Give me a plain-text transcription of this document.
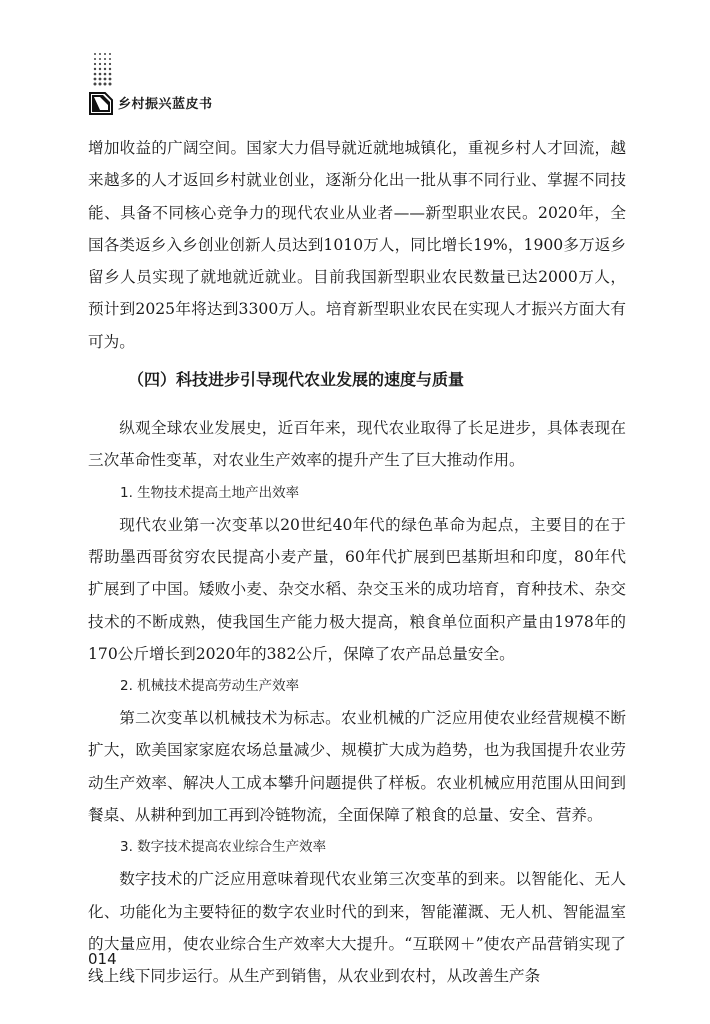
乡村振兴蓝皮书

增加收益的广阔空间。国家大力倡导就近就地城镇化，重视乡村人才回流，越来越多的人才返回乡村就业创业，逐渐分化出一批从事不同行业、掌握不同技能、具备不同核心竞争力的现代农业从业者——新型职业农民。2020年，全国各类返乡入乡创业创新人员达到1010万人，同比增长19%，1900多万返乡留乡人员实现了就地就近就业。目前我国新型职业农民数量已达2000万人，预计到2025年将达到3300万人。培育新型职业农民在实现人才振兴方面大有可为。

（四）科技进步引导现代农业发展的速度与质量

纵观全球农业发展史，近百年来，现代农业取得了长足进步，具体表现在三次革命性变革，对农业生产效率的提升产生了巨大推动作用。

1. 生物技术提高土地产出效率

现代农业第一次变革以20世纪40年代的绿色革命为起点，主要目的在于帮助墨西哥贫穷农民提高小麦产量，60年代扩展到巴基斯坦和印度，80年代扩展到了中国。矮败小麦、杂交水稻、杂交玉米的成功培育，育种技术、杂交技术的不断成熟，使我国生产能力极大提高，粮食单位面积产量由1978年的170公斤增长到2020年的382公斤，保障了农产品总量安全。

2. 机械技术提高劳动生产效率

第二次变革以机械技术为标志。农业机械的广泛应用使农业经营规模不断扩大，欧美国家家庭农场总量减少、规模扩大成为趋势，也为我国提升农业劳动生产效率、解决人工成本攀升问题提供了样板。农业机械应用范围从田间到餐桌、从耕种到加工再到冷链物流，全面保障了粮食的总量、安全、营养。

3. 数字技术提高农业综合生产效率

数字技术的广泛应用意味着现代农业第三次变革的到来。以智能化、无人化、功能化为主要特征的数字农业时代的到来，智能灌溉、无人机、智能温室的大量应用，使农业综合生产效率大大提升。“互联网＋”使农产品营销实现了线上线下同步运行。从生产到销售，从农业到农村，从改善生产条

014
